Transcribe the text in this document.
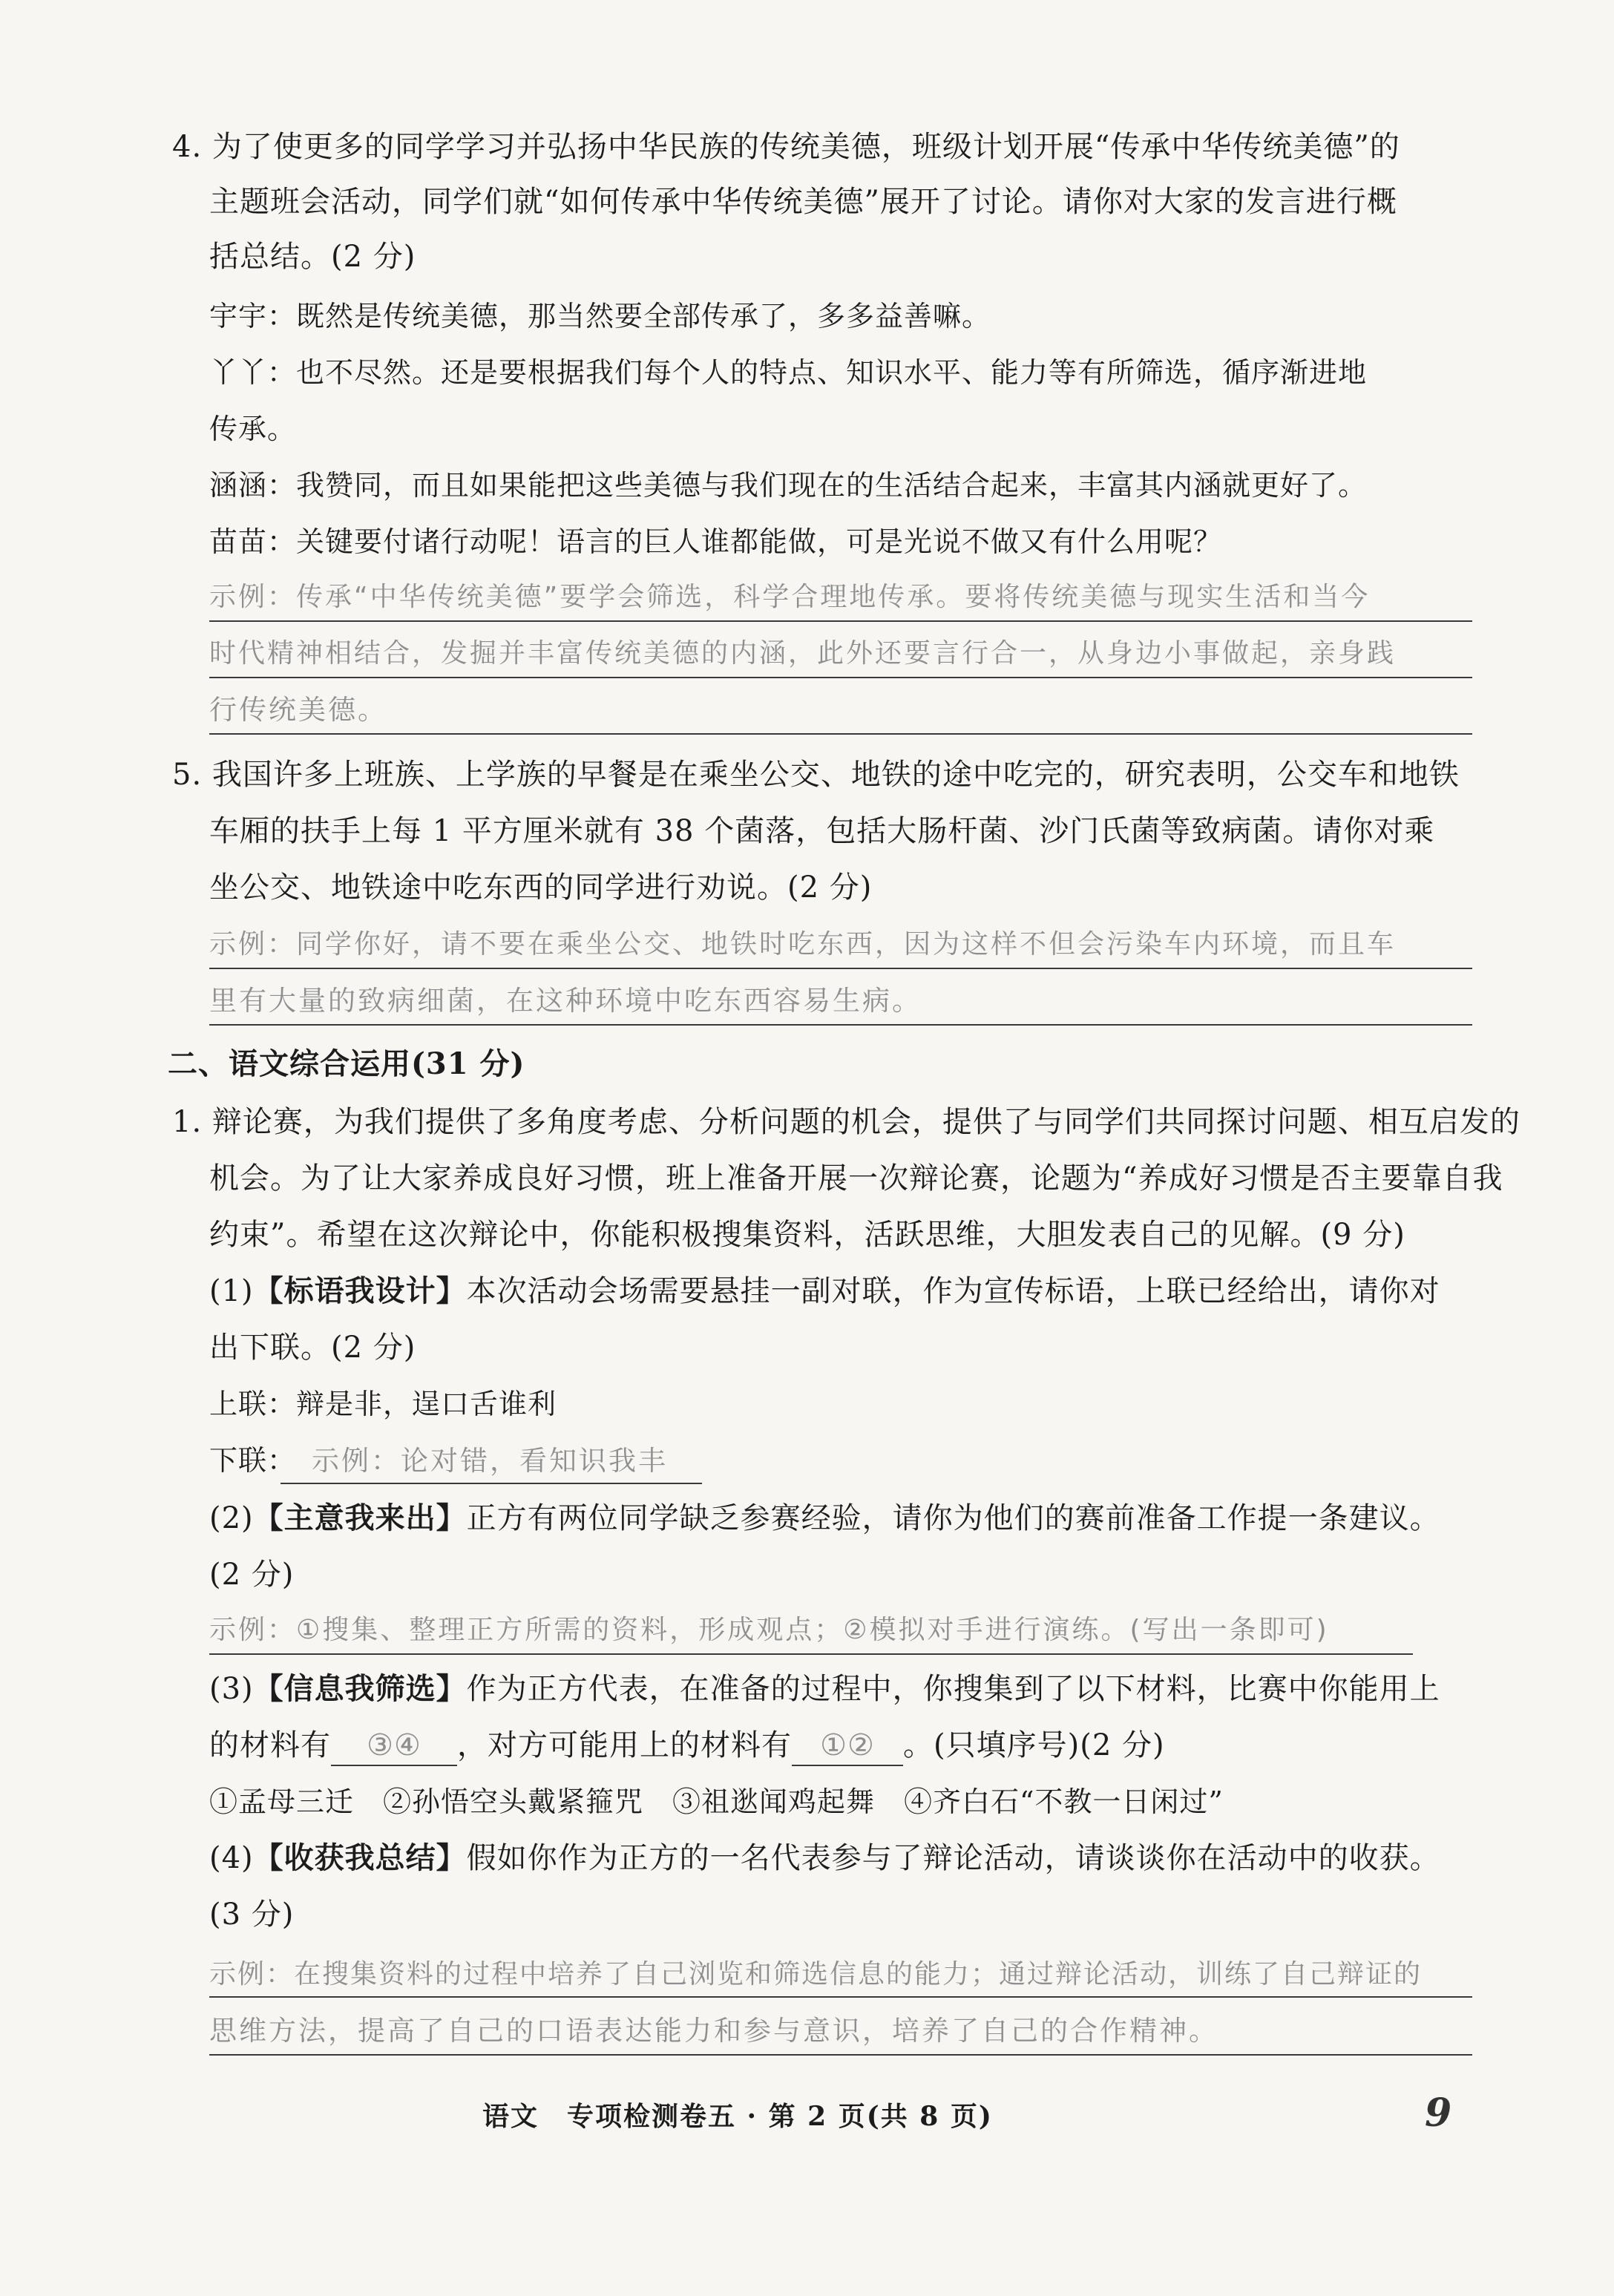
4. 为了使更多的同学学习并弘扬中华民族的传统美德，班级计划开展“传承中华传统美德”的
主题班会活动，同学们就“如何传承中华传统美德”展开了讨论。请你对大家的发言进行概
括总结。(2 分)
宇宇：既然是传统美德，那当然要全部传承了，多多益善嘛。
丫丫：也不尽然。还是要根据我们每个人的特点、知识水平、能力等有所筛选，循序渐进地
传承。
涵涵：我赞同，而且如果能把这些美德与我们现在的生活结合起来，丰富其内涵就更好了。
苗苗：关键要付诸行动呢！语言的巨人谁都能做，可是光说不做又有什么用呢？
示例：传承“中华传统美德”要学会筛选，科学合理地传承。要将传统美德与现实生活和当今
时代精神相结合，发掘并丰富传统美德的内涵，此外还要言行合一，从身边小事做起，亲身践
行传统美德。
5. 我国许多上班族、上学族的早餐是在乘坐公交、地铁的途中吃完的，研究表明，公交车和地铁
车厢的扶手上每 1 平方厘米就有 38 个菌落，包括大肠杆菌、沙门氏菌等致病菌。请你对乘
坐公交、地铁途中吃东西的同学进行劝说。(2 分)
示例：同学你好，请不要在乘坐公交、地铁时吃东西，因为这样不但会污染车内环境，而且车
里有大量的致病细菌，在这种环境中吃东西容易生病。
二、语文综合运用(31 分)
1. 辩论赛，为我们提供了多角度考虑、分析问题的机会，提供了与同学们共同探讨问题、相互启发的
机会。为了让大家养成良好习惯，班上准备开展一次辩论赛，论题为“养成好习惯是否主要靠自我
约束”。希望在这次辩论中，你能积极搜集资料，活跃思维，大胆发表自己的见解。(9 分)
(1)【标语我设计】本次活动会场需要悬挂一副对联，作为宣传标语，上联已经给出，请你对
出下联。(2 分)
上联：辩是非，逞口舌谁利
下联： 示例：论对错，看知识我丰
(2)【主意我来出】正方有两位同学缺乏参赛经验，请你为他们的赛前准备工作提一条建议。
(2 分)
示例：①搜集、整理正方所需的资料，形成观点；②模拟对手进行演练。(写出一条即可)
(3)【信息我筛选】作为正方代表，在准备的过程中，你搜集到了以下材料，比赛中你能用上
的材料有 ③④ ，对方可能用上的材料有 ①② 。(只填序号)(2 分)
①孟母三迁　②孙悟空头戴紧箍咒　③祖逖闻鸡起舞　④齐白石“不教一日闲过”
(4)【收获我总结】假如你作为正方的一名代表参与了辩论活动，请谈谈你在活动中的收获。
(3 分)
示例：在搜集资料的过程中培养了自己浏览和筛选信息的能力；通过辩论活动，训练了自己辩证的
思维方法，提高了自己的口语表达能力和参与意识，培养了自己的合作精神。
语文　专项检测卷五 · 第 2 页(共 8 页)	9
